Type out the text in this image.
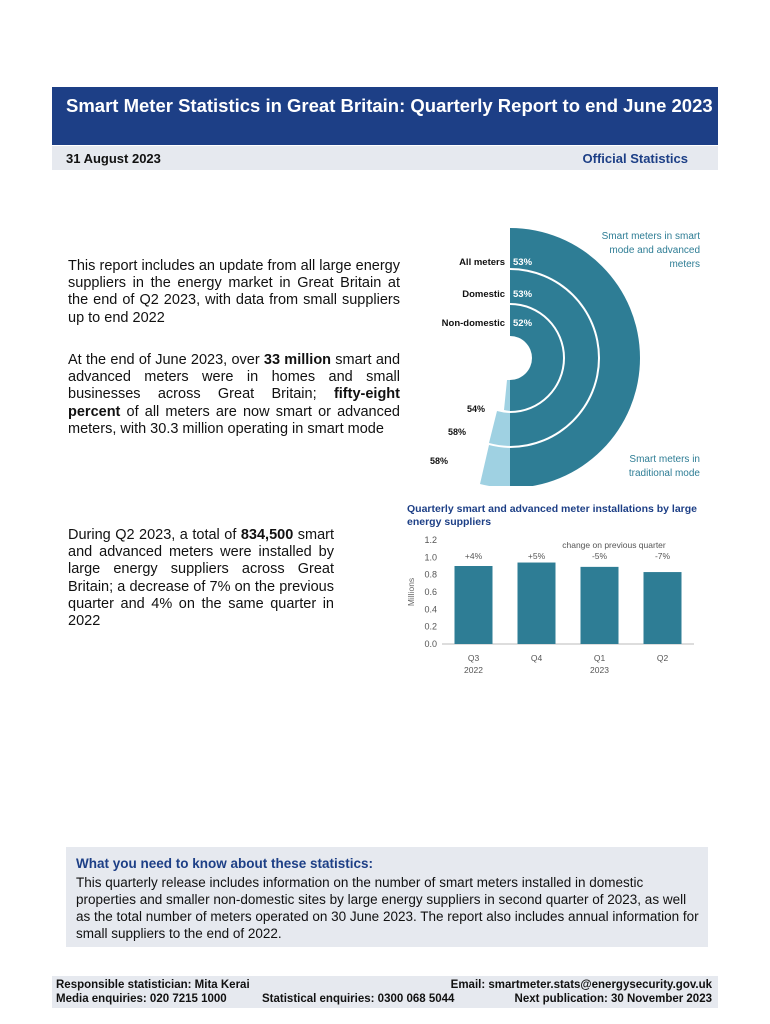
Smart Meter Statistics in Great Britain: Quarterly Report to end June 2023
31 August 2023	Official Statistics
This report includes an update from all large energy suppliers in the energy market in Great Britain at the end of Q2 2023, with data from small suppliers up to end 2022
At the end of June 2023, over 33 million smart and advanced meters were in homes and small businesses across Great Britain; fifty-eight percent of all meters are now smart or advanced meters, with 30.3 million operating in smart mode
During Q2 2023, a total of 834,500 smart and advanced meters were installed by large energy suppliers across Great Britain; a decrease of 7% on the previous quarter and 4% on the same quarter in 2022
All meters
Domestic
Non-domestic
53%
53%
52%
54%
58%
58%
Smart meters in smart
mode and advanced
meters
Smart meters in
traditional mode
Quarterly smart and advanced meter installations by large energy suppliers
Millions
0.0
0.2
0.4
0.6
0.8
1.0
1.2	change on previous quarter
+4%
Q3
2022
+5%
Q4
-5%
Q1
2023
-7%
Q2
What you need to know about these statistics:

This quarterly release includes information on the number of smart meters installed in domestic properties and smaller non-domestic sites by large energy suppliers in second quarter of 2023, as well as the total number of meters operated on 30 June 2023. The report also includes annual information for small suppliers to the end of 2022.

Responsible statistician: Mita Kerai	Email: smartmeter.stats@energysecurity.gov.uk
Media enquiries: 020 7215 1000	Statistical enquiries: 0300 068 5044	Next publication: 30 November 2023
